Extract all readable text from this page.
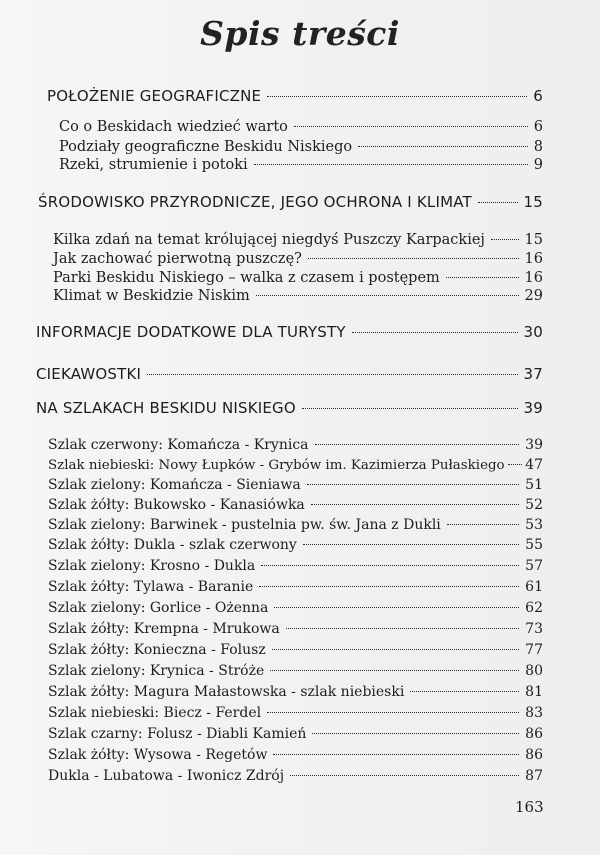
Spis treści
POŁOŻENIE GEOGRAFICZNE	6
Co o Beskidach wiedzieć warto	6
Podziały geograficzne Beskidu Niskiego	8
Rzeki, strumienie i potoki	9
ŚRODOWISKO PRZYRODNICZE, JEGO OCHRONA I KLIMAT	15
Kilka zdań na temat królującej niegdyś Puszczy Karpackiej	15
Jak zachować pierwotną puszczę?	16
Parki Beskidu Niskiego – walka z czasem i postępem	16
Klimat w Beskidzie Niskim	29
INFORMACJE DODATKOWE DLA TURYSTY	30
CIEKAWOSTKI	37
NA SZLAKACH BESKIDU NISKIEGO	39
Szlak czerwony: Komańcza - Krynica	39
Szlak niebieski: Nowy Łupków - Grybów im. Kazimierza Pułaskiego 47
Szlak zielony: Komańcza - Sieniawa	51
Szlak żółty: Bukowsko - Kanasiówka	52
Szlak zielony: Barwinek - pustelnia pw. św. Jana z Dukli	53
Szlak żółty: Dukla - szlak czerwony	55
Szlak zielony: Krosno - Dukla	57
Szlak żółty: Tylawa - Baranie	61
Szlak zielony: Gorlice - Ożenna	62
Szlak żółty: Krempna - Mrukowa	73
Szlak żółty: Konieczna - Folusz	77
Szlak zielony: Krynica - Stróże	80
Szlak żółty: Magura Małastowska - szlak niebieski	81
Szlak niebieski: Biecz - Ferdel	83
Szlak czarny: Folusz - Diabli Kamień	86
Szlak żółty: Wysowa - Regetów	86
Dukla - Lubatowa - Iwonicz Zdrój	87
163
